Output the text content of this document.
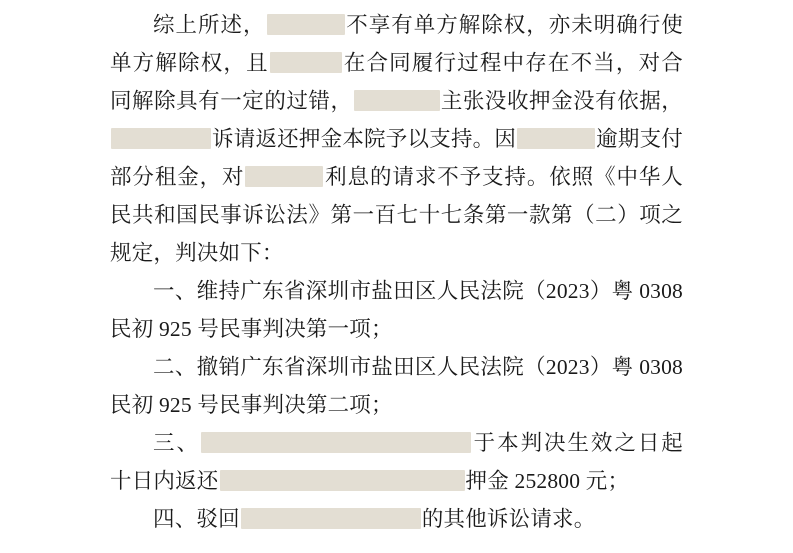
综上所述，	不享有单方解除权，亦未明确行使单方解除权，且	在合同履行过程中存在不当，对合同解除具有一定的过错，	主张没收押金没有依据，诉请返还押金本院予以支持。因	逾期支付部分租金，对	利息的请求不予支持。依照《中华人民共和国民事诉讼法》第一百七十七条第一款第（二）项之规定，判决如下：

一、维持广东省深圳市盐田区人民法院（2023）粤 0308 民初 925 号民事判决第一项；

二、撤销广东省深圳市盐田区人民法院（2023）粤 0308 民初 925 号民事判决第二项；

三、	于本判决生效之日起十日内返还	押金 252800 元；

四、驳回	的其他诉讼请求。
